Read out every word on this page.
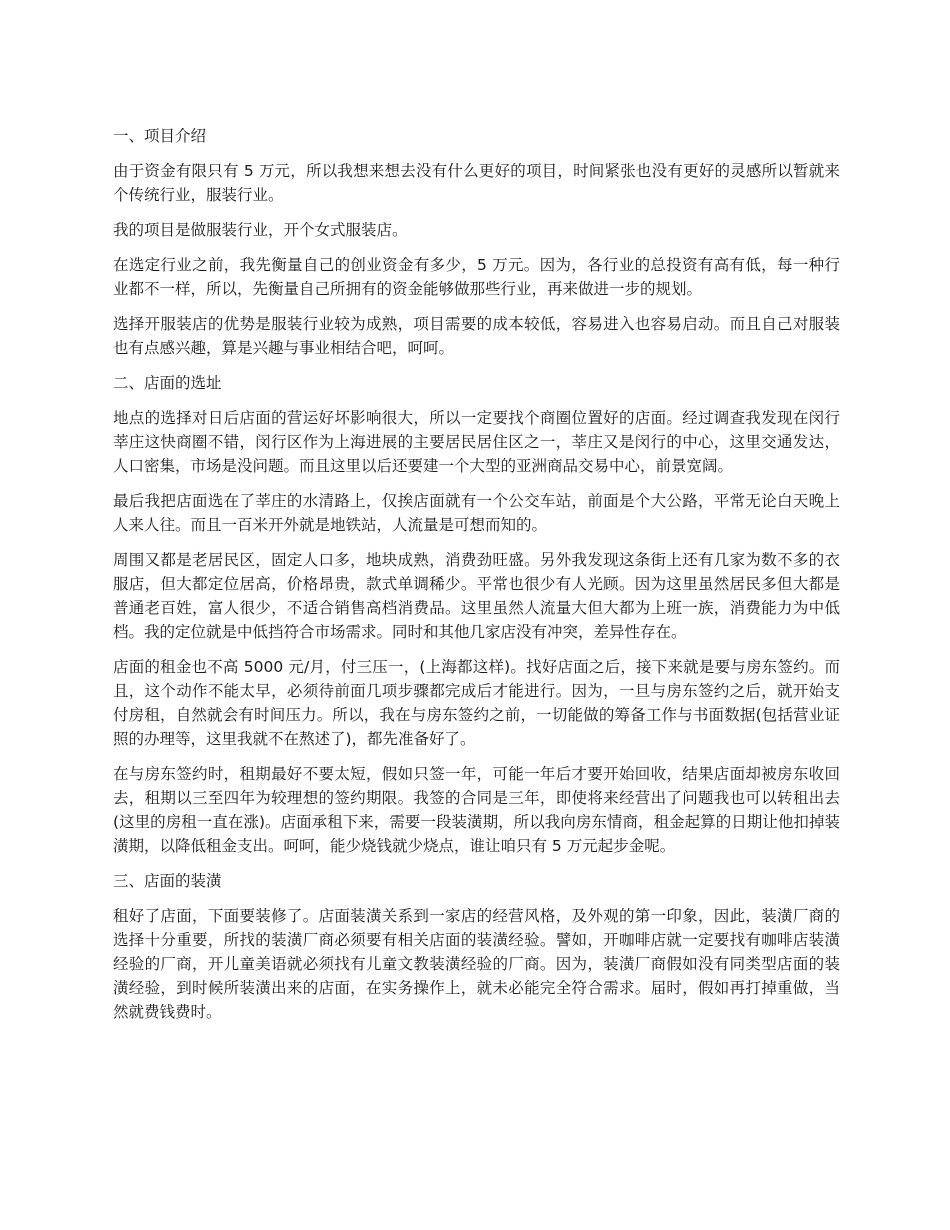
一、项目介绍

由于资金有限只有 5 万元，所以我想来想去没有什么更好的项目，时间紧张也没有更好的灵感所以暂就来个传统行业，服装行业。

我的项目是做服装行业，开个女式服装店。

在选定行业之前，我先衡量自己的创业资金有多少，5 万元。因为，各行业的总投资有高有低，每一种行业都不一样，所以，先衡量自己所拥有的资金能够做那些行业，再来做进一步的规划。

选择开服装店的优势是服装行业较为成熟，项目需要的成本较低，容易进入也容易启动。而且自己对服装也有点感兴趣，算是兴趣与事业相结合吧，呵呵。

二、店面的选址

地点的选择对日后店面的营运好坏影响很大，所以一定要找个商圈位置好的店面。经过调查我发现在闵行莘庄这快商圈不错，闵行区作为上海进展的主要居民居住区之一，莘庄又是闵行的中心，这里交通发达，人口密集，市场是没问题。而且这里以后还要建一个大型的亚洲商品交易中心，前景宽阔。

最后我把店面选在了莘庄的水清路上，仅挨店面就有一个公交车站，前面是个大公路，平常无论白天晚上人来人往。而且一百米开外就是地铁站，人流量是可想而知的。

周围又都是老居民区，固定人口多，地块成熟，消费劲旺盛。另外我发现这条街上还有几家为数不多的衣服店，但大都定位居高，价格昂贵，款式单调稀少。平常也很少有人光顾。因为这里虽然居民多但大都是普通老百姓，富人很少，不适合销售高档消费品。这里虽然人流量大但大都为上班一族，消费能力为中低档。我的定位就是中低挡符合市场需求。同时和其他几家店没有冲突，差异性存在。

店面的租金也不高 5000 元/月，付三压一，(上海都这样)。找好店面之后，接下来就是要与房东签约。而且，这个动作不能太早，必须待前面几项步骤都完成后才能进行。因为，一旦与房东签约之后，就开始支付房租，自然就会有时间压力。所以，我在与房东签约之前，一切能做的筹备工作与书面数据(包括营业证照的办理等，这里我就不在熬述了)，都先准备好了。

在与房东签约时，租期最好不要太短，假如只签一年，可能一年后才要开始回收，结果店面却被房东收回去，租期以三至四年为较理想的签约期限。我签的合同是三年，即使将来经营出了问题我也可以转租出去(这里的房租一直在涨)。店面承租下来，需要一段装潢期，所以我向房东情商，租金起算的日期让他扣掉装潢期，以降低租金支出。呵呵，能少烧钱就少烧点，谁让咱只有 5 万元起步金呢。

三、店面的装潢

租好了店面，下面要装修了。店面装潢关系到一家店的经营风格，及外观的第一印象，因此，装潢厂商的选择十分重要，所找的装潢厂商必须要有相关店面的装潢经验。譬如，开咖啡店就一定要找有咖啡店装潢经验的厂商，开儿童美语就必须找有儿童文教装潢经验的厂商。因为，装潢厂商假如没有同类型店面的装潢经验，到时候所装潢出来的店面，在实务操作上，就未必能完全符合需求。届时，假如再打掉重做，当然就费钱费时。
